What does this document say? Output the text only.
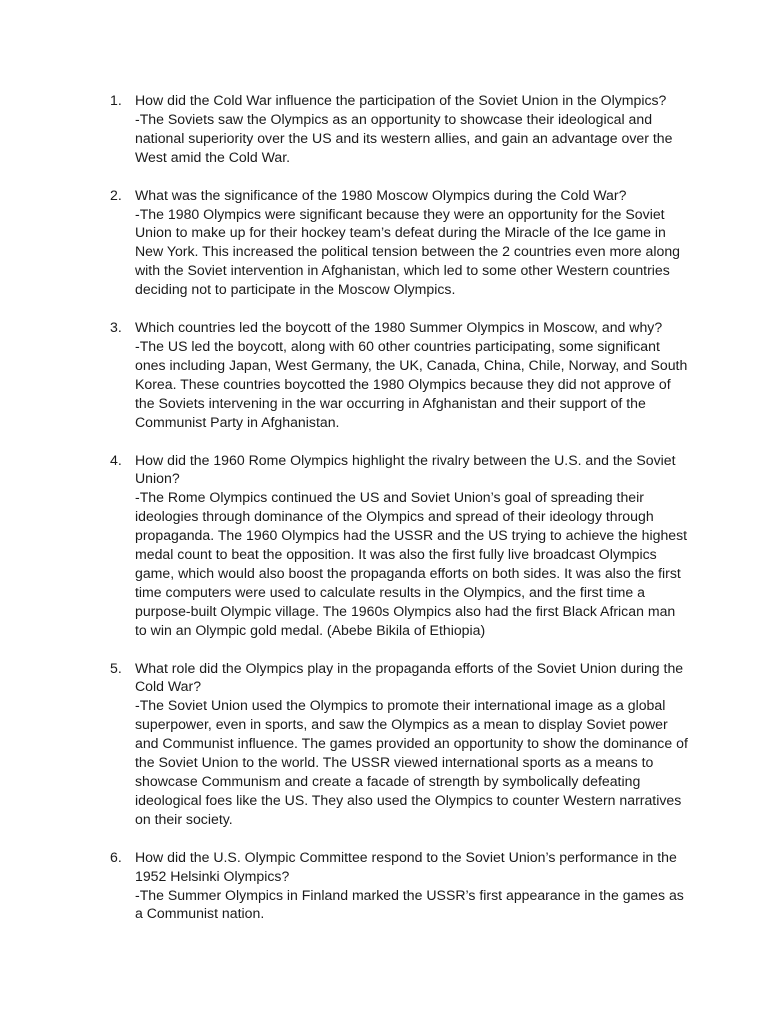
1. How did the Cold War influence the participation of the Soviet Union in the Olympics?
-The Soviets saw the Olympics as an opportunity to showcase their ideological and national superiority over the US and its western allies, and gain an advantage over the West amid the Cold War.
2. What was the significance of the 1980 Moscow Olympics during the Cold War?
-The 1980 Olympics were significant because they were an opportunity for the Soviet Union to make up for their hockey team’s defeat during the Miracle of the Ice game in New York. This increased the political tension between the 2 countries even more along with the Soviet intervention in Afghanistan, which led to some other Western countries deciding not to participate in the Moscow Olympics.
3. Which countries led the boycott of the 1980 Summer Olympics in Moscow, and why?
-The US led the boycott, along with 60 other countries participating, some significant ones including Japan, West Germany, the UK, Canada, China, Chile, Norway, and South Korea. These countries boycotted the 1980 Olympics because they did not approve of the Soviets intervening in the war occurring in Afghanistan and their support of the Communist Party in Afghanistan.
4. How did the 1960 Rome Olympics highlight the rivalry between the U.S. and the Soviet Union?
-The Rome Olympics continued the US and Soviet Union’s goal of spreading their ideologies through dominance of the Olympics and spread of their ideology through propaganda. The 1960 Olympics had the USSR and the US trying to achieve the highest medal count to beat the opposition. It was also the first fully live broadcast Olympics game, which would also boost the propaganda efforts on both sides. It was also the first time computers were used to calculate results in the Olympics, and the first time a purpose-built Olympic village. The 1960s Olympics also had the first Black African man to win an Olympic gold medal. (Abebe Bikila of Ethiopia)
5. What role did the Olympics play in the propaganda efforts of the Soviet Union during the Cold War?
-The Soviet Union used the Olympics to promote their international image as a global superpower, even in sports, and saw the Olympics as a mean to display Soviet power and Communist influence. The games provided an opportunity to show the dominance of the Soviet Union to the world. The USSR viewed international sports as a means to showcase Communism and create a facade of strength by symbolically defeating ideological foes like the US. They also used the Olympics to counter Western narratives on their society.
6. How did the U.S. Olympic Committee respond to the Soviet Union’s performance in the 1952 Helsinki Olympics?
-The Summer Olympics in Finland marked the USSR’s first appearance in the games as a Communist nation.
